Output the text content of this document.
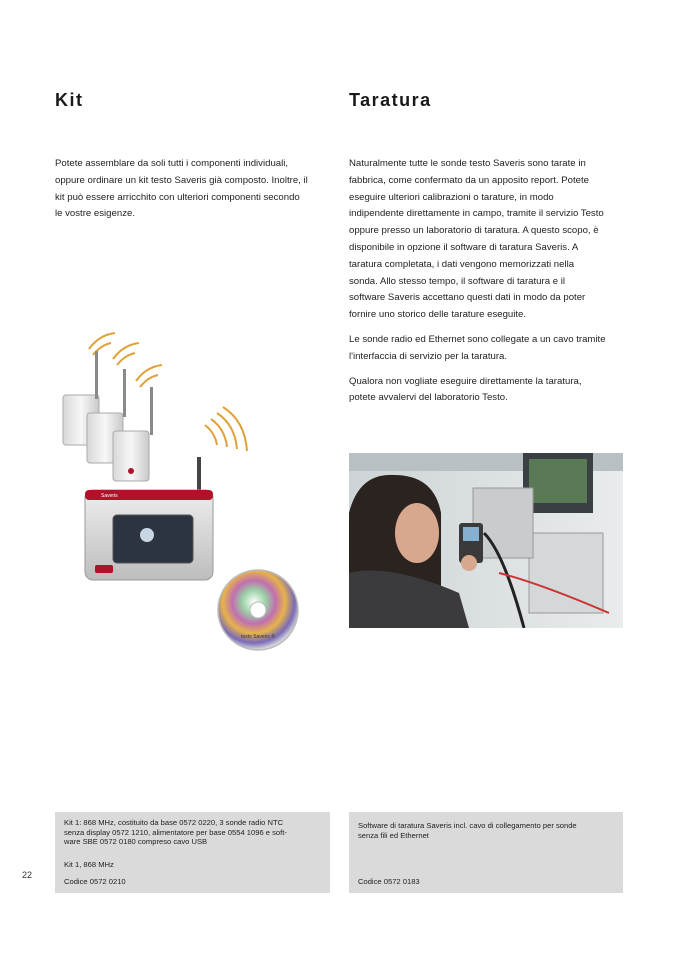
Kit	Taratura
Potete assemblare da soli tutti i componenti individuali,
oppure ordinare un kit testo Saveris già composto. Inoltre, il
kit può essere arricchito con ulteriori componenti secondo
le vostre esigenze.

Naturalmente tutte le sonde testo Saveris sono tarate in
fabbrica, come confermato da un apposito report. Potete
eseguire ulteriori calibrazioni o tarature, in modo
indipendente direttamente in campo, tramite il servizio Testo
oppure presso un laboratorio di taratura. A questo scopo, è
disponibile in opzione il software di taratura Saveris. A
taratura completata, i dati vengono memorizzati nella
sonda. Allo stesso tempo, il software di taratura e il
software Saveris accettano questi dati in modo da poter
fornire uno storico delle tarature eseguite.

Le sonde radio ed Ethernet sono collegate a un cavo tramite
l'interfaccia di servizio per la taratura.

Qualora non vogliate eseguire direttamente la taratura,
potete avvalervi del laboratorio Testo.

Saveris
testo Saveris ®
Kit 1: 868 MHz, costituito da base 0572 0220, 3 sonde radio NTC
senza display 0572 1210, alimentatore per base 0554 1096 e soft-
ware SBE 0572 0180 compreso cavo USB
Kit 1, 868 MHz
Codice 0572 0210
Software di taratura Saveris incl. cavo di collegamento per sonde
senza fili ed Ethernet
Codice 0572 0183
22
